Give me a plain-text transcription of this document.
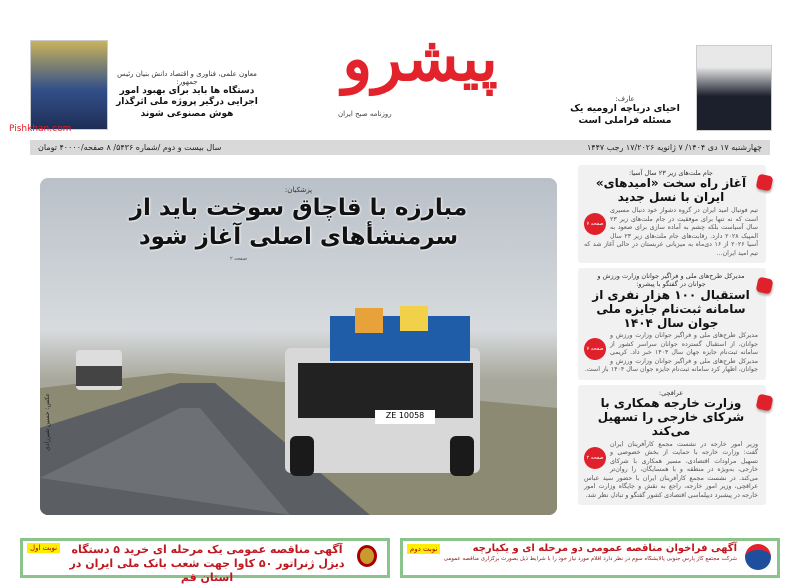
Pishkhan.com
معاون علمی، فناوری و اقتصاد دانش بنیان رئیس جمهور:
دستگاه ها باید برای بهبود امور اجرایی درگیر پروژه ملی اثرگذار هوش مصنوعی شوند
پیشرو
روزنامه صبح ایران
عارف:
احیای دریاچه ارومیه یک مسئله فراملی است
چهارشنبه ۱۷ دی ۱۴۰۴/ ۷ ژانویه ۱۷/۲۰۲۶ رجب ۱۴۴۷
سال بیست و دوم /شماره ۵۴۳۶/ ۸ صفحه/۴۰۰۰۰ تومان
ZE 10058
عکس: حسین شیرزادی
پزشکیان:
مبارزه با قاچاق سوخت باید از سرمنشأهای اصلی آغاز شود
صفحه ۲
جام ملت‌های زیر ۲۳ سال آسیا:
آغاز راه سخت «امیدهای» ایران با نسل جدید
صفحه ۷
تیم فوتبال امید ایران در گروه دشوار خود دنبال مسیری است که نه تنها برای موفقیت در جام ملت‌های زیر ۲۳ سال آسیاست بلکه چشم به آماده سازی برای صعود به المپیک ۲۰۲۸ دارد. رقابت‌های جام ملت‌های زیر ۲۳ سال آسیا ۲۰۲۶ از ۱۶ دی‌ماه به میزبانی عربستان در حالی آغاز شد که تیم امید ایران...
مدیرکل طرح‌های ملی و فراگیر جوانان وزارت ورزش و جوانان در گفتگو با پیشرو:
استقبال ۱۰۰ هزار نفری از سامانه ثبت‌نام جایزه ملی جوان سال ۱۴۰۴
صفحه ۷
مدیرکل طرح‌های ملی و فراگیر جوانان وزارت ورزش و جوانان، از استقبال گسترده جوانان سراسر کشور از سامانه ثبت‌نام جایزه جهان سال ۱۴۰۴ خبر داد. کریمی مدیرکل طرح‌های ملی و فراگیر جوانان وزارت ورزش و جوانان، اظهار کرد سامانه ثبت‌نام جایزه جوان سال ۱۴۰۴ باز است.
عراقچی:
وزارت خارجه همکاری با شرکای خارجی را تسهیل می‌کند
صفحه ۲
وزیر امور خارجه در نشست مجمع کارآفرینان ایران گفت: وزارت خارجه با حمایت از بخش خصوصی و تسهیل مراودات اقتصادی، مسیر همکاری با شرکای خارجی، به‌ویژه در منطقه و با همسایگان، را روان‌تر می‌کند. در نشست مجمع کارآفرینان ایران با حضور سید عباس عراقچی، وزیر امور خارجه، راجع به نقش و جایگاه وزارت امور خارجه در پیشبرد دیپلماسی اقتصادی کشور گفتگو و تبادل نظر شد.
آگهی فراخوان مناقصه عمومی دو مرحله ای و یکپارچه
نوبت دوم
شرکت مجتمع گاز پارس جنوبی پالایشگاه سوم در نظر دارد اقلام مورد نیاز خود را با شرایط ذیل بصورت برگزاری مناقصه عمومی
نوبت اول	آگهی مناقصه عمومی یک مرحله ای خرید ۵ دستگاه دیزل ژنراتور ۵۰ کاوا جهت شعب بانک ملی ایران در استان قم
